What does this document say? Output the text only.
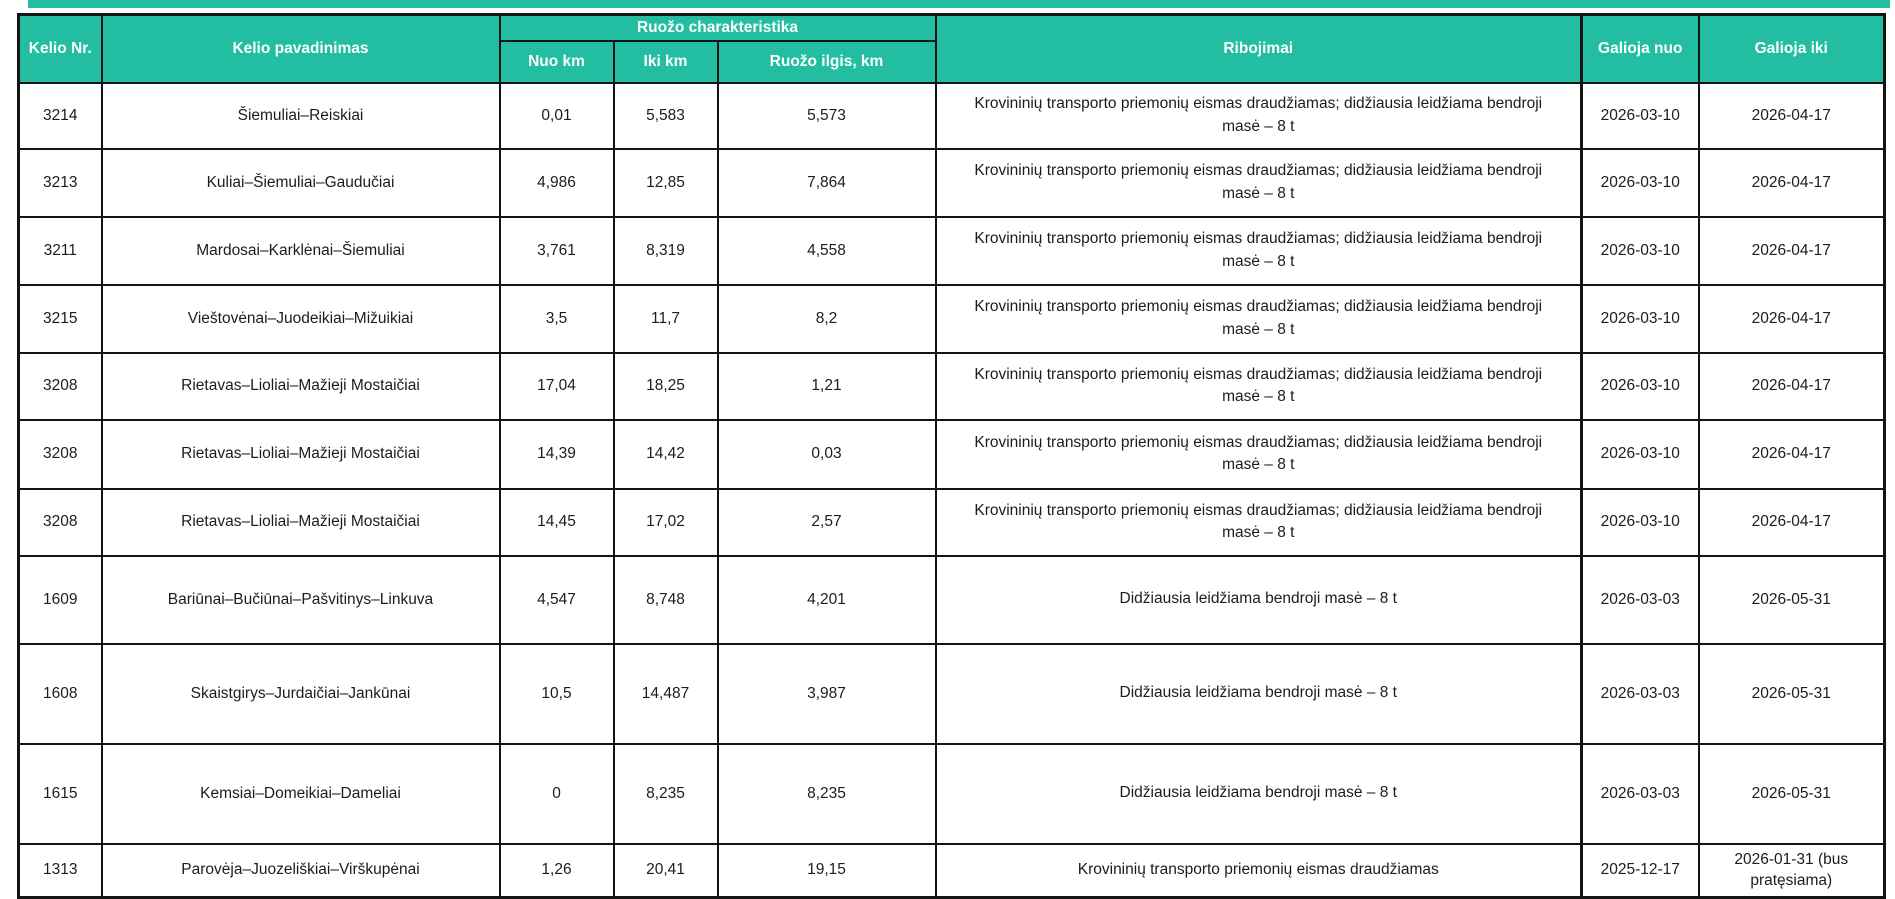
Kelio Nr.	Kelio pavadinimas	Ruožo charakteristika			Ribojimai	Galioja nuo	Galioja iki
		Nuo km	Iki km	Ruožo ilgis, km			
3214	Šiemuliai–Reiskiai	0,01	5,583	5,573	Krovininių transporto priemonių eismas draudžiamas; didžiausia leidžiama bendroji masė – 8 t	2026-03-10	2026-04-17
3213	Kuliai–Šiemuliai–Gaudučiai	4,986	12,85	7,864	Krovininių transporto priemonių eismas draudžiamas; didžiausia leidžiama bendroji masė – 8 t	2026-03-10	2026-04-17
3211	Mardosai–Karklėnai–Šiemuliai	3,761	8,319	4,558	Krovininių transporto priemonių eismas draudžiamas; didžiausia leidžiama bendroji masė – 8 t	2026-03-10	2026-04-17
3215	Vieštovėnai–Juodeikiai–Mižuikiai	3,5	11,7	8,2	Krovininių transporto priemonių eismas draudžiamas; didžiausia leidžiama bendroji masė – 8 t	2026-03-10	2026-04-17
3208	Rietavas–Lioliai–Mažieji Mostaičiai	17,04	18,25	1,21	Krovininių transporto priemonių eismas draudžiamas; didžiausia leidžiama bendroji masė – 8 t	2026-03-10	2026-04-17
3208	Rietavas–Lioliai–Mažieji Mostaičiai	14,39	14,42	0,03	Krovininių transporto priemonių eismas draudžiamas; didžiausia leidžiama bendroji masė – 8 t	2026-03-10	2026-04-17
3208	Rietavas–Lioliai–Mažieji Mostaičiai	14,45	17,02	2,57	Krovininių transporto priemonių eismas draudžiamas; didžiausia leidžiama bendroji masė – 8 t	2026-03-10	2026-04-17
1609	Bariūnai–Bučiūnai–Pašvitinys–Linkuva	4,547	8,748	4,201	Didžiausia leidžiama bendroji masė – 8 t	2026-03-03	2026-05-31
1608	Skaistgirys–Jurdaičiai–Jankūnai	10,5	14,487	3,987	Didžiausia leidžiama bendroji masė – 8 t	2026-03-03	2026-05-31
1615	Kemsiai–Domeikiai–Dameliai	0	8,235	8,235	Didžiausia leidžiama bendroji masė – 8 t	2026-03-03	2026-05-31
1313	Parovėja–Juozeliškiai–Virškupėnai	1,26	20,41	19,15	Krovininių transporto priemonių eismas draudžiamas	2025-12-17	2026-01-31 (bus pratęsiama)
